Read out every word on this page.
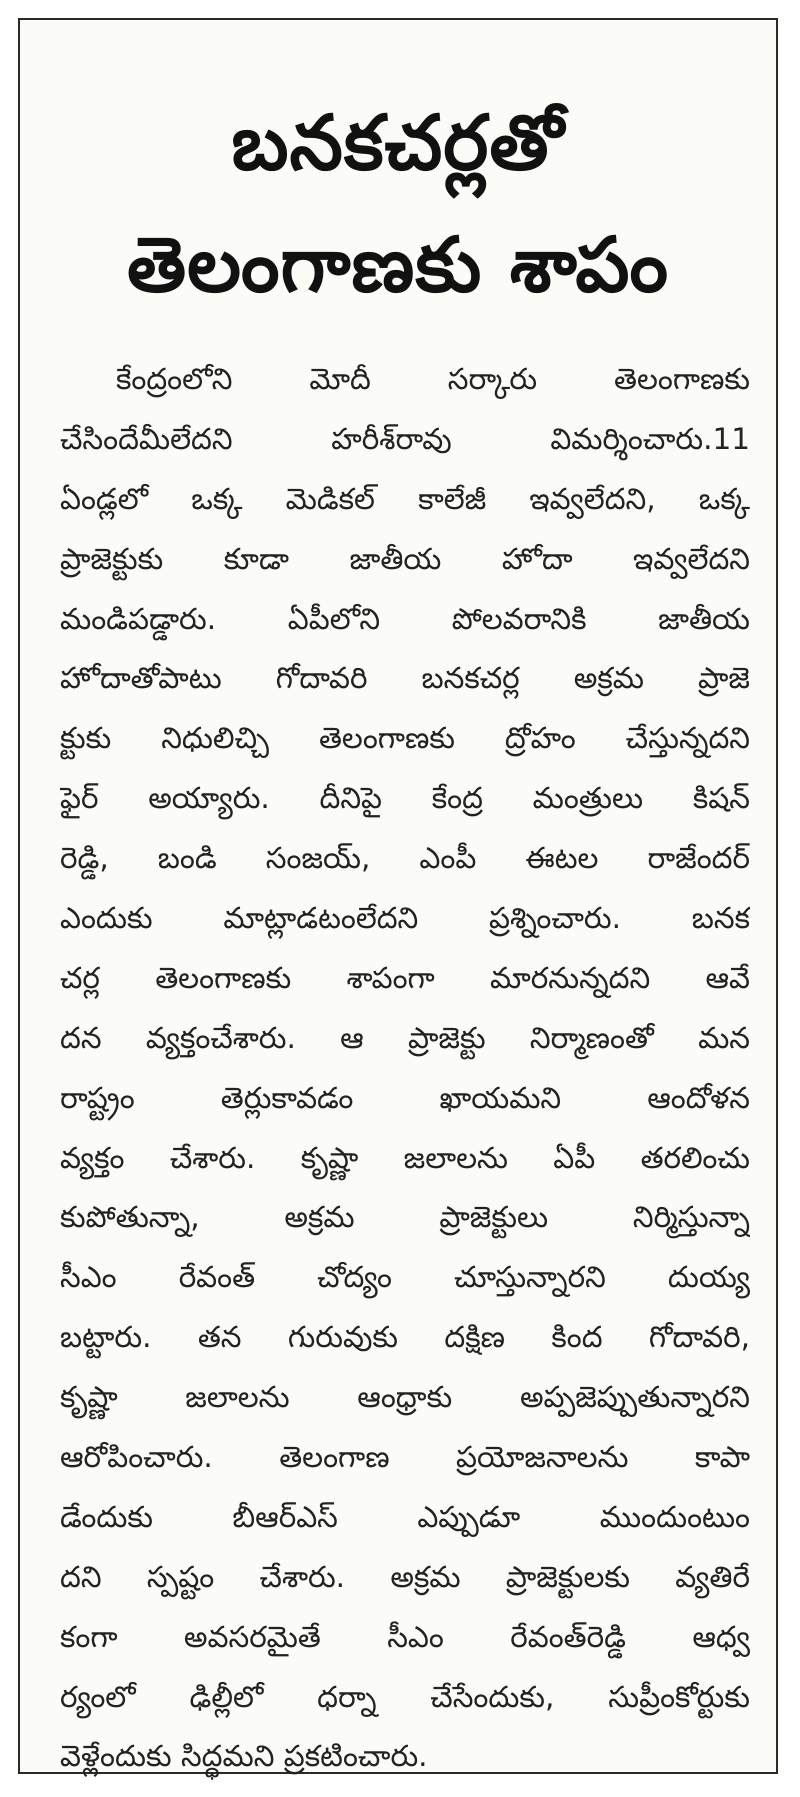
బనకచర్లతో
తెలంగాణకు శాపం
కేంద్రంలోని మోదీ సర్కారు తెలంగాణకు
చేసిందేమీలేదని హరీశ్‌రావు విమర్శించారు.11
ఏండ్లలో ఒక్క మెడికల్ కాలేజీ ఇవ్వలేదని, ఒక్క
ప్రాజెక్టుకు కూడా జాతీయ హోదా ఇవ్వలేదని
మండిపడ్డారు. ఏపీలోని పోలవరానికి జాతీయ
హోదాతోపాటు గోదావరి బనకచర్ల అక్రమ ప్రాజె
క్టుకు నిధులిచ్చి తెలంగాణకు ద్రోహం చేస్తున్నదని
ఫైర్ అయ్యారు. దీనిపై కేంద్ర మంత్రులు కిషన్
రెడ్డి, బండి సంజయ్, ఎంపీ ఈటల రాజేందర్
ఎందుకు మాట్లాడటంలేదని ప్రశ్నించారు. బనక
చర్ల తెలంగాణకు శాపంగా మారనున్నదని ఆవే
దన వ్యక్తంచేశారు. ఆ ప్రాజెక్టు నిర్మాణంతో మన
రాష్ట్రం తెర్లుకావడం ఖాయమని ఆందోళన
వ్యక్తం చేశారు. కృష్ణా జలాలను ఏపీ తరలించు
కుపోతున్నా, అక్రమ ప్రాజెక్టులు నిర్మిస్తున్నా
సీఎం రేవంత్ చోద్యం చూస్తున్నారని దుయ్య
బట్టారు. తన గురువుకు దక్షిణ కింద గోదావరి,
కృష్ణా జలాలను ఆంధ్రాకు అప్పజెప్పుతున్నారని
ఆరోపించారు. తెలంగాణ ప్రయోజనాలను కాపా
డేందుకు బీఆర్ఎస్ ఎప్పుడూ ముందుంటుం
దని స్పష్టం చేశారు. అక్రమ ప్రాజెక్టులకు వ్యతిరే
కంగా అవసరమైతే సీఎం రేవంత్‌రెడ్డి ఆధ్వ
ర్యంలో ఢిల్లీలో ధర్నా చేసేందుకు, సుప్రీంకోర్టుకు
వెళ్లేందుకు సిద్ధమని ప్రకటించారు.
